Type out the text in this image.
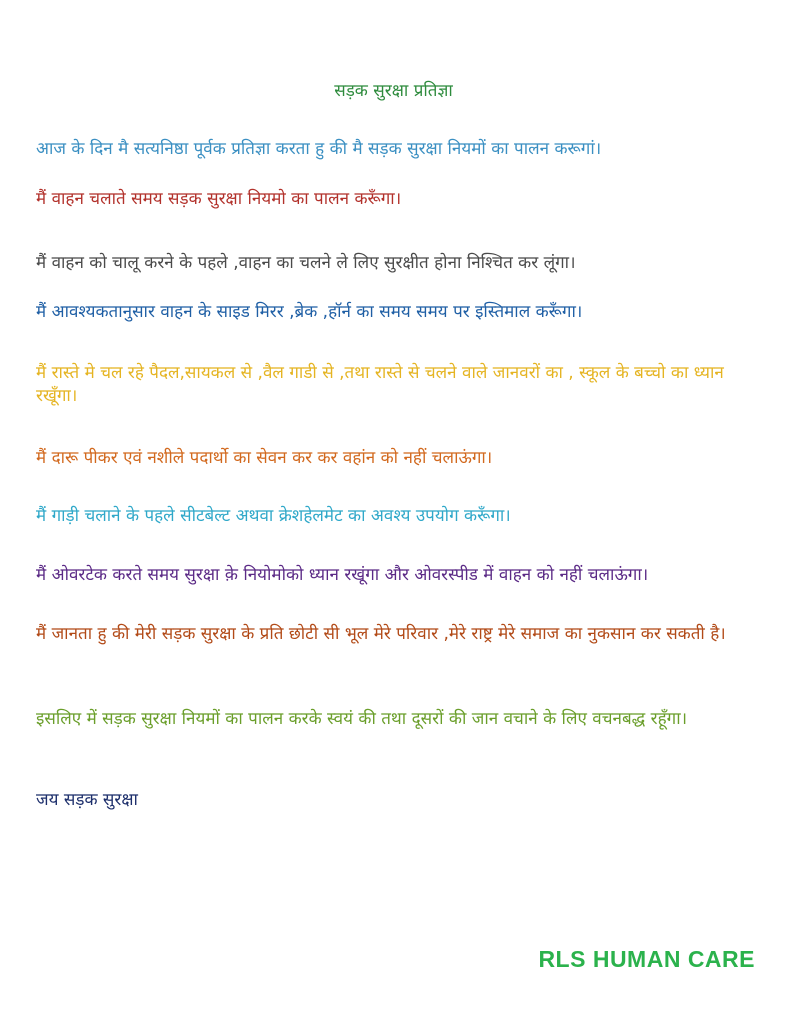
सड़क सुरक्षा प्रतिज्ञा

आज के दिन मै सत्यनिष्ठा पूर्वक प्रतिज्ञा करता हु की मै सड़क सुरक्षा नियमों का पालन करूगां।

मैं वाहन चलाते समय सड़क सुरक्षा नियमो का पालन करूँगा।

मैं वाहन को चालू करने के पहले ,वाहन का चलने ले लिए सुरक्षीत होना निश्चित कर लूंगा।

मैं आवश्यकतानुसार वाहन के साइड मिरर ,ब्रेक ,हॉर्न का समय समय पर इस्तिमाल करूँगा।

मैं रास्ते मे चल रहे पैदल,सायकल से ,वैल गाडी से ,तथा रास्ते से चलने वाले जानवरों का , स्कूल के बच्चो का ध्यान रखूँगा।

मैं दारू पीकर एवं नशीले पदार्थो का सेवन कर कर वहांन को नहीं चलाऊंगा।

मैं गाड़ी चलाने के पहले सीटबेल्ट अथवा क्रेशहेलमेट का अवश्य उपयोग करूँगा।

मैं ओवरटेक करते समय सुरक्षा क़े नियोमोको ध्यान रखूंगा और ओवरस्पीड में वाहन को नहीं चलाऊंगा।

मैं जानता हु की मेरी सड़क सुरक्षा के प्रति छोटी सी भूल मेरे परिवार ,मेरे राष्ट्र मेरे समाज का नुकसान कर सकती है।

इसलिए में सड़क सुरक्षा नियमों का पालन करके स्वयं की तथा दूसरों की जान वचाने के लिए वचनबद्ध रहूँगा।

जय सड़क सुरक्षा

RLS HUMAN CARE
